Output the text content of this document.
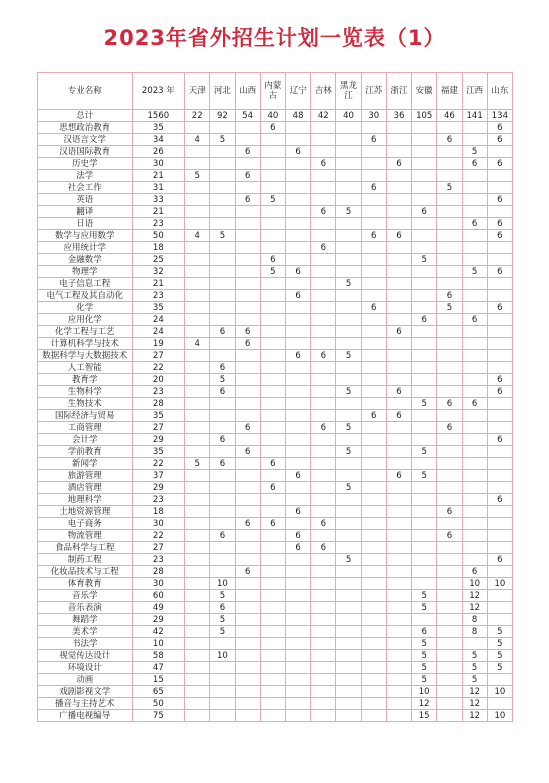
2023年省外招生计划一览表（1）
专业名称	2023 年	天津	河北	山西	内蒙古	辽宁	吉林	黑龙江	江苏	浙江	安徽	福建	江西	山东
总计	1560	22	92	54	40	48	42	40	30	36	105	46	141	134
思想政治教育	35				6									6
汉语言文学	34	4	5						6			6		6
汉语国际教育	26			6		6							5	
历史学	30						6			6			6	6
法学	21	5		6										
社会工作	31								6			5		
英语	33			6	5									6
翻译	21						6	5			6			
日语	23												6	6
数学与应用数学	50	4	5						6	6				6
应用统计学	18						6							
金融数学	25				6						5			
物理学	32				5	6							5	6
电子信息工程	21							5						
电气工程及其自动化	23					6						6		
化学	35								6			5		6
应用化学	24										6		6	
化学工程与工艺	24		6	6						6				
计算机科学与技术	19	4		6										
数据科学与大数据技术	27					6	6	5						
人工智能	22		6											
教育学	20		5											6
生物科学	23		6					5		6				6
生物技术	28										5	6	6	
国际经济与贸易	35								6	6				
工商管理	27			6			6	5				6		
会计学	29		6											6
学前教育	35			6				5			5			
新闻学	22	5	6		6									
旅游管理	37					6				6	5			
酒店管理	29				6			5						
地理科学	23													6
土地资源管理	18					6						6		
电子商务	30			6	6		6							
物流管理	22		6			6						6		
食品科学与工程	27					6	6							
制药工程	23							5						6
化妆品技术与工程	28			6									6	
体育教育	30		10										10	10
音乐学	60		5								5		12	
音乐表演	49		6								5		12	
舞蹈学	29		5										8	
美术学	42		5								6		8	5
书法学	10										5			5
视觉传达设计	58		10								5		5	5
环境设计	47										5		5	5
动画	15										5		5	
戏剧影视文学	65										10		12	10
播音与主持艺术	50										12		12	
广播电视编导	75										15		12	10
